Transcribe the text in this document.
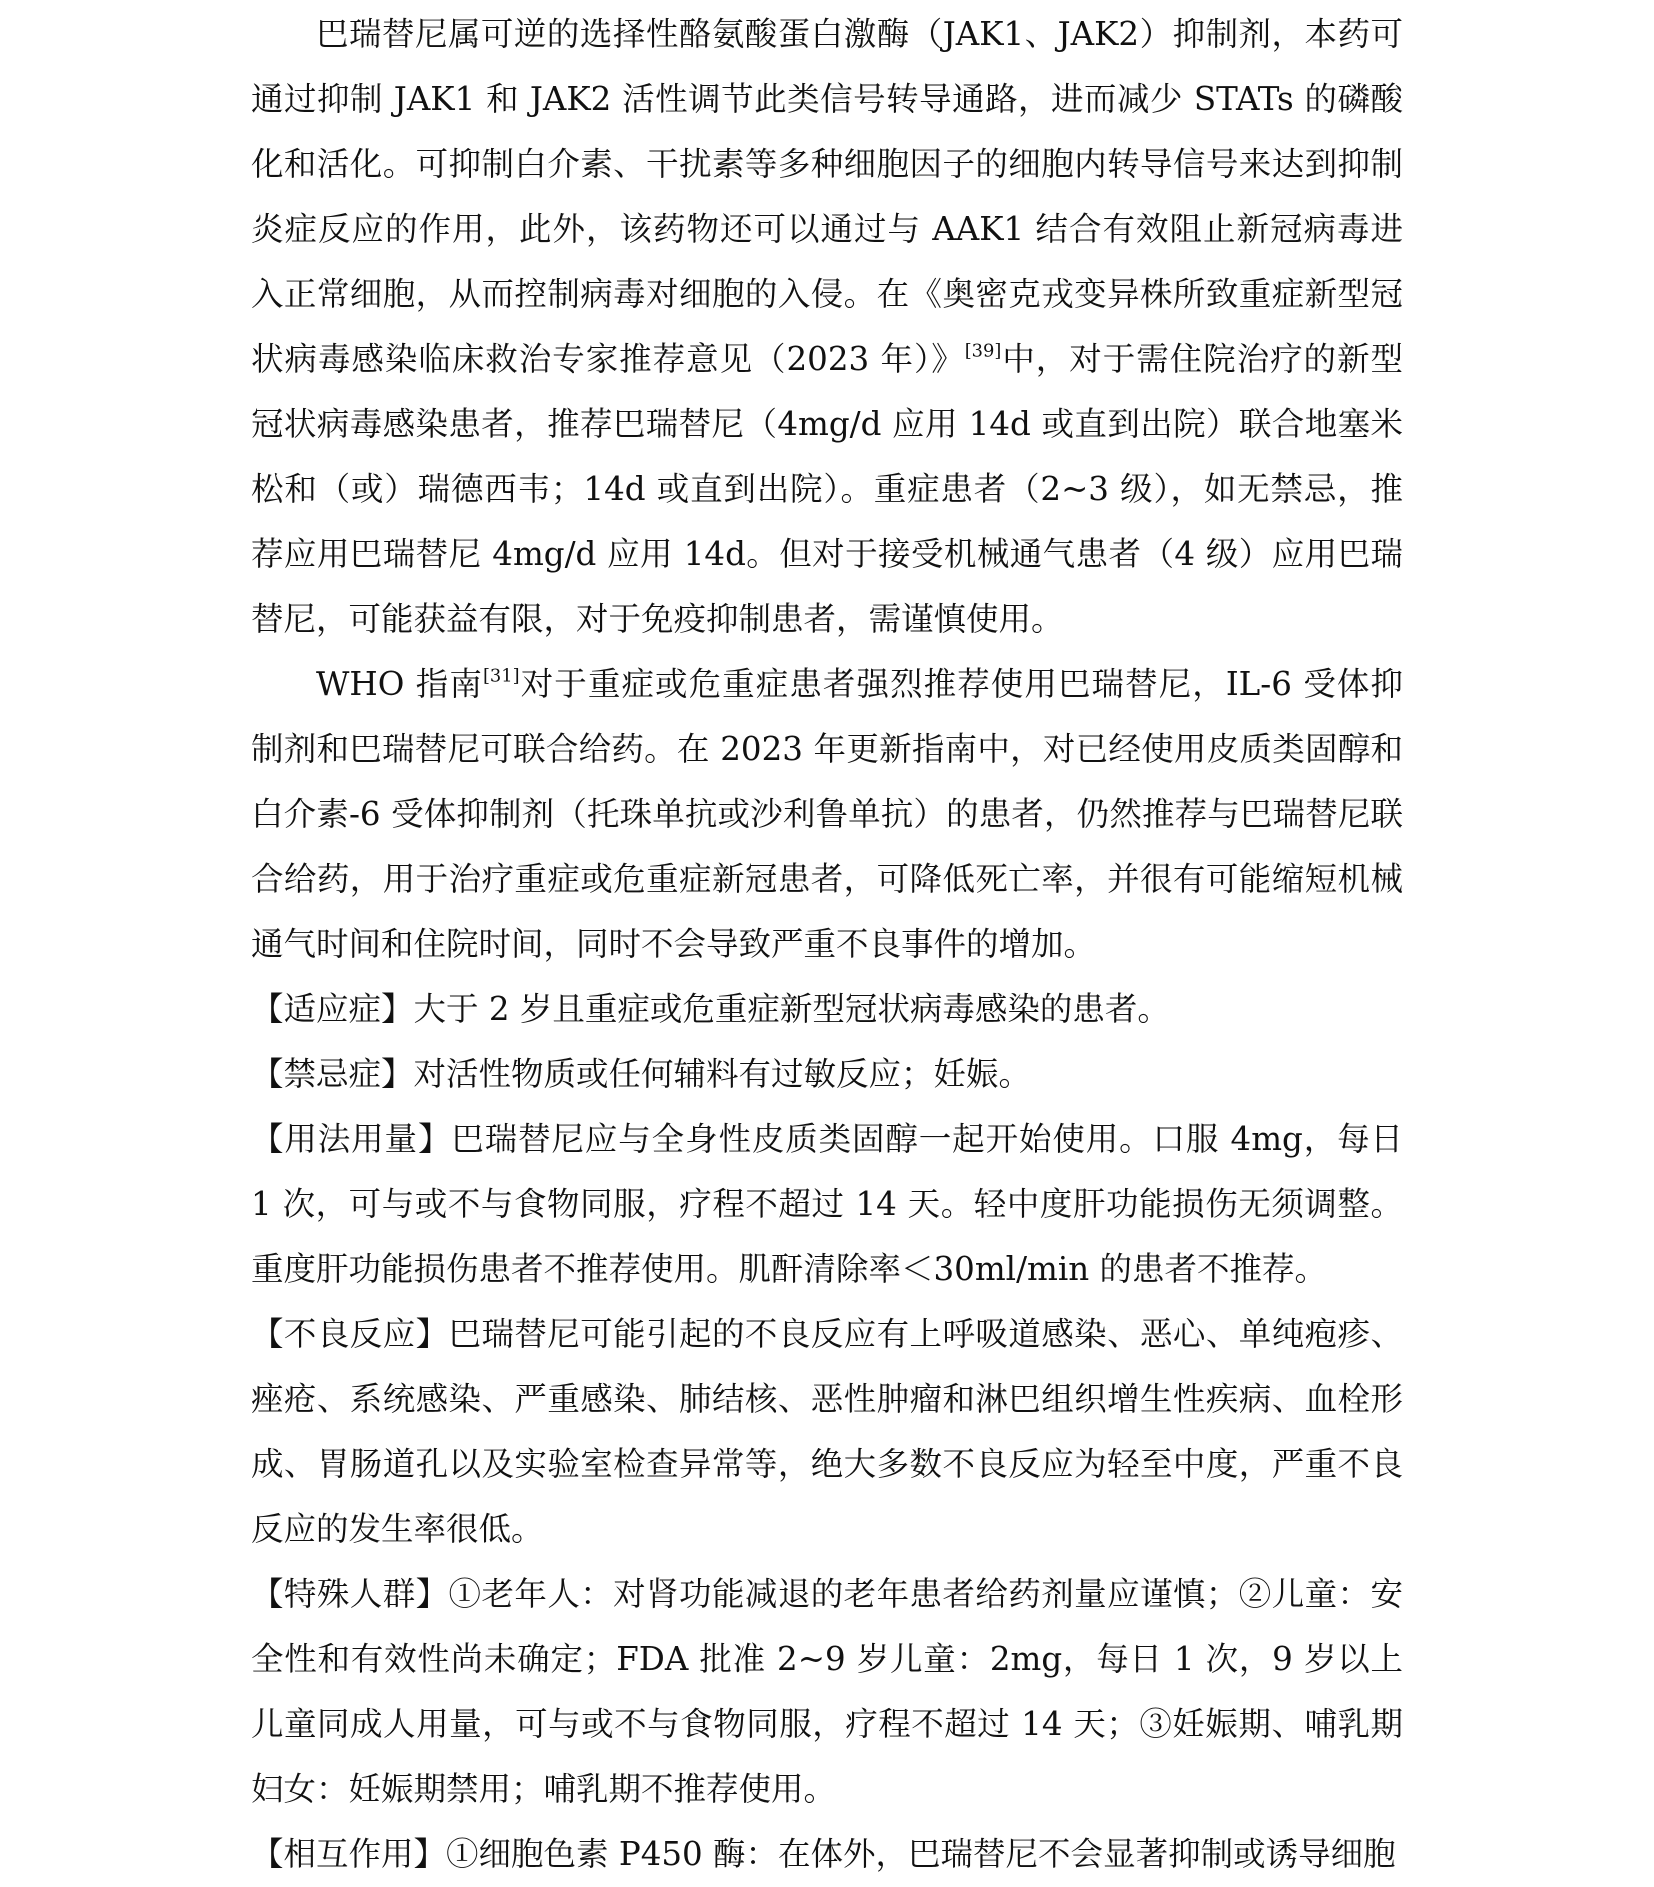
巴瑞替尼属可逆的选择性酪氨酸蛋白激酶（JAK1、JAK2）抑制剂，本药可通过抑制 JAK1 和 JAK2 活性调节此类信号转导通路，进而减少 STATs 的磷酸化和活化。可抑制白介素、干扰素等多种细胞因子的细胞内转导信号来达到抑制炎症反应的作用，此外，该药物还可以通过与 AAK1 结合有效阻止新冠病毒进入正常细胞，从而控制病毒对细胞的入侵。在《奥密克戎变异株所致重症新型冠状病毒感染临床救治专家推荐意见（2023 年）》[39]中，对于需住院治疗的新型冠状病毒感染患者，推荐巴瑞替尼（4mg/d 应用 14d 或直到出院）联合地塞米松和（或）瑞德西韦；14d 或直到出院）。重症患者（2~3 级），如无禁忌，推荐应用巴瑞替尼 4mg/d 应用 14d。但对于接受机械通气患者（4 级）应用巴瑞替尼，可能获益有限，对于免疫抑制患者，需谨慎使用。

WHO 指南[31]对于重症或危重症患者强烈推荐使用巴瑞替尼，IL-6 受体抑制剂和巴瑞替尼可联合给药。在 2023 年更新指南中，对已经使用皮质类固醇和白介素-6 受体抑制剂（托珠单抗或沙利鲁单抗）的患者，仍然推荐与巴瑞替尼联合给药，用于治疗重症或危重症新冠患者，可降低死亡率，并很有可能缩短机械通气时间和住院时间，同时不会导致严重不良事件的增加。

【适应症】大于 2 岁且重症或危重症新型冠状病毒感染的患者。

【禁忌症】对活性物质或任何辅料有过敏反应；妊娠。

【用法用量】巴瑞替尼应与全身性皮质类固醇一起开始使用。口服 4mg，每日 1 次，可与或不与食物同服，疗程不超过 14 天。轻中度肝功能损伤无须调整。重度肝功能损伤患者不推荐使用。肌酐清除率＜30ml/min 的患者不推荐。

【不良反应】巴瑞替尼可能引起的不良反应有上呼吸道感染、恶心、单纯疱疹、痤疮、系统感染、严重感染、肺结核、恶性肿瘤和淋巴组织增生性疾病、血栓形成、胃肠道孔以及实验室检查异常等，绝大多数不良反应为轻至中度，严重不良反应的发生率很低。

【特殊人群】①老年人：对肾功能减退的老年患者给药剂量应谨慎；②儿童：安全性和有效性尚未确定；FDA 批准 2~9 岁儿童：2mg，每日 1 次，9 岁以上儿童同成人用量，可与或不与食物同服，疗程不超过 14 天；③妊娠期、哺乳期妇女：妊娠期禁用；哺乳期不推荐使用。

【相互作用】①细胞色素 P450 酶：在体外，巴瑞替尼不会显著抑制或诱导细胞
